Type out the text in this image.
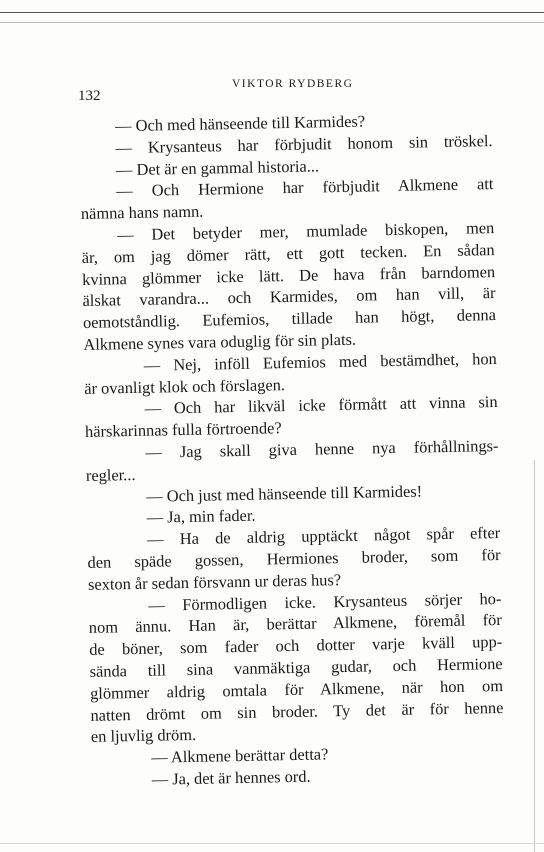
132
VIKTOR RYDBERG
— Och med hänseende till Karmides?
— Krysanteus har förbjudit honom sin tröskel.
— Det är en gammal historia...
— Och Hermione har förbjudit Alkmene att
nämna hans namn.
— Det betyder mer, mumlade biskopen, men
är, om jag dömer rätt, ett gott tecken. En sådan
kvinna glömmer icke lätt. De hava från barndomen
älskat varandra... och Karmides, om han vill, är
oemotståndlig. Eufemios, tillade han högt, denna
Alkmene synes vara oduglig för sin plats.
— Nej, inföll Eufemios med bestämdhet, hon
är ovanligt klok och förslagen.
— Och har likväl icke förmått att vinna sin
härskarinnas fulla förtroende?
— Jag skall giva henne nya förhållnings-
regler...
— Och just med hänseende till Karmides!
— Ja, min fader.
— Ha de aldrig upptäckt något spår efter
den späde gossen, Hermiones broder, som för
sexton år sedan försvann ur deras hus?
— Förmodligen icke. Krysanteus sörjer ho-
nom ännu. Han är, berättar Alkmene, föremål för
de böner, som fader och dotter varje kväll upp-
sända till sina vanmäktiga gudar, och Hermione
glömmer aldrig omtala för Alkmene, när hon om
natten drömt om sin broder. Ty det är för henne
en ljuvlig dröm.
— Alkmene berättar detta?
— Ja, det är hennes ord.
